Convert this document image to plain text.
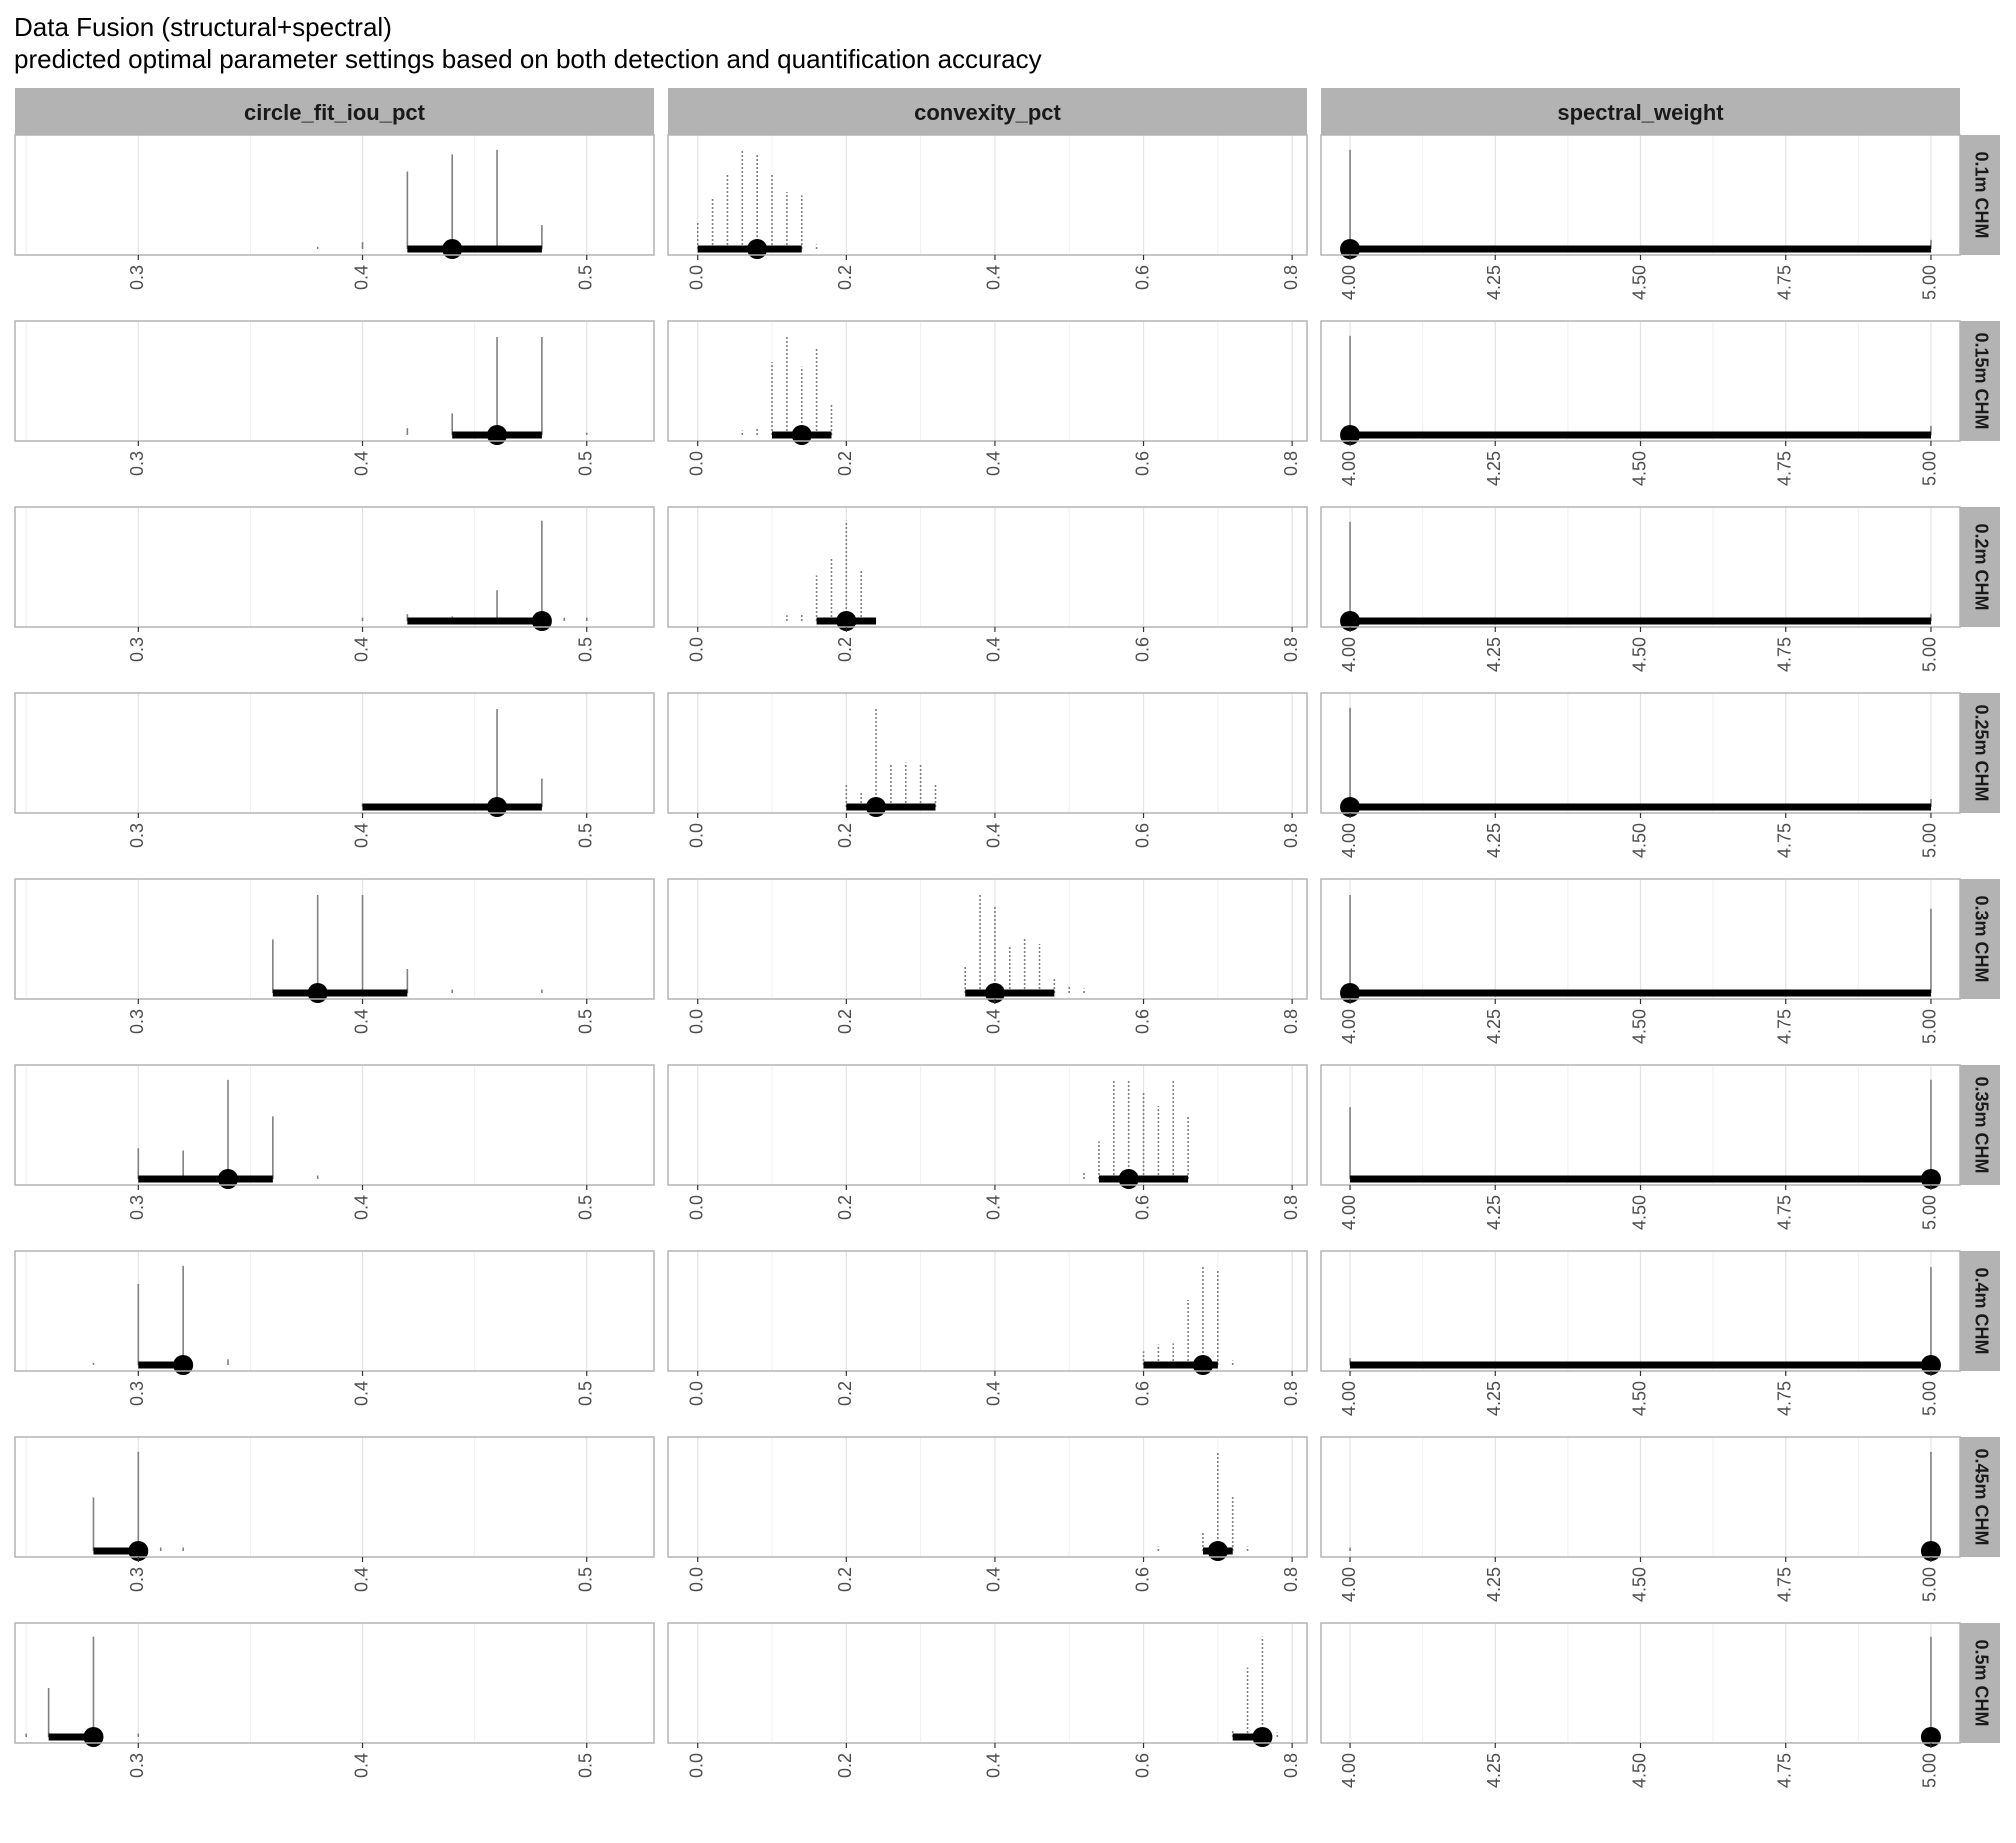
Data Fusion (structural+spectral)
predicted optimal parameter settings based on both detection and quantification accuracy
circle_fit_iou_pct	convexity_pct	spectral_weight
0.1m CHM
0.3	0.4	0.5	0.0	0.2	0.4	0.6	0.8 4.00	4.25	4.50	4.75	5.00
0.15m CHM
0.3	0.4	0.5	0.0	0.2	0.4	0.6	0.8 4.00	4.25	4.50	4.75	5.00
0.2m CHM
0.3	0.4	0.5	0.0	0.2	0.4	0.6	0.8 4.00	4.25	4.50	4.75	5.00
0.25m CHM
0.3	0.4	0.5	0.0	0.2	0.4	0.6	0.8 4.00	4.25	4.50	4.75	5.00
0.3m CHM
0.3	0.4	0.5	0.0	0.2	0.4	0.6	0.8 4.00	4.25	4.50	4.75	5.00
0.35m CHM
0.3	0.4	0.5	0.0	0.2	0.4	0.6	0.8 4.00	4.25	4.50	4.75	5.00
0.4m CHM
0.3	0.4	0.5	0.0	0.2	0.4	0.6	0.8 4.00	4.25	4.50	4.75	5.00
0.45m CHM
0.3	0.4	0.5	0.0	0.2	0.4	0.6	0.8 4.00	4.25	4.50	4.75	5.00
0.5m CHM
0.3	0.4	0.5	0.0	0.2	0.4	0.6	0.8 4.00	4.25	4.50	4.75	5.00
